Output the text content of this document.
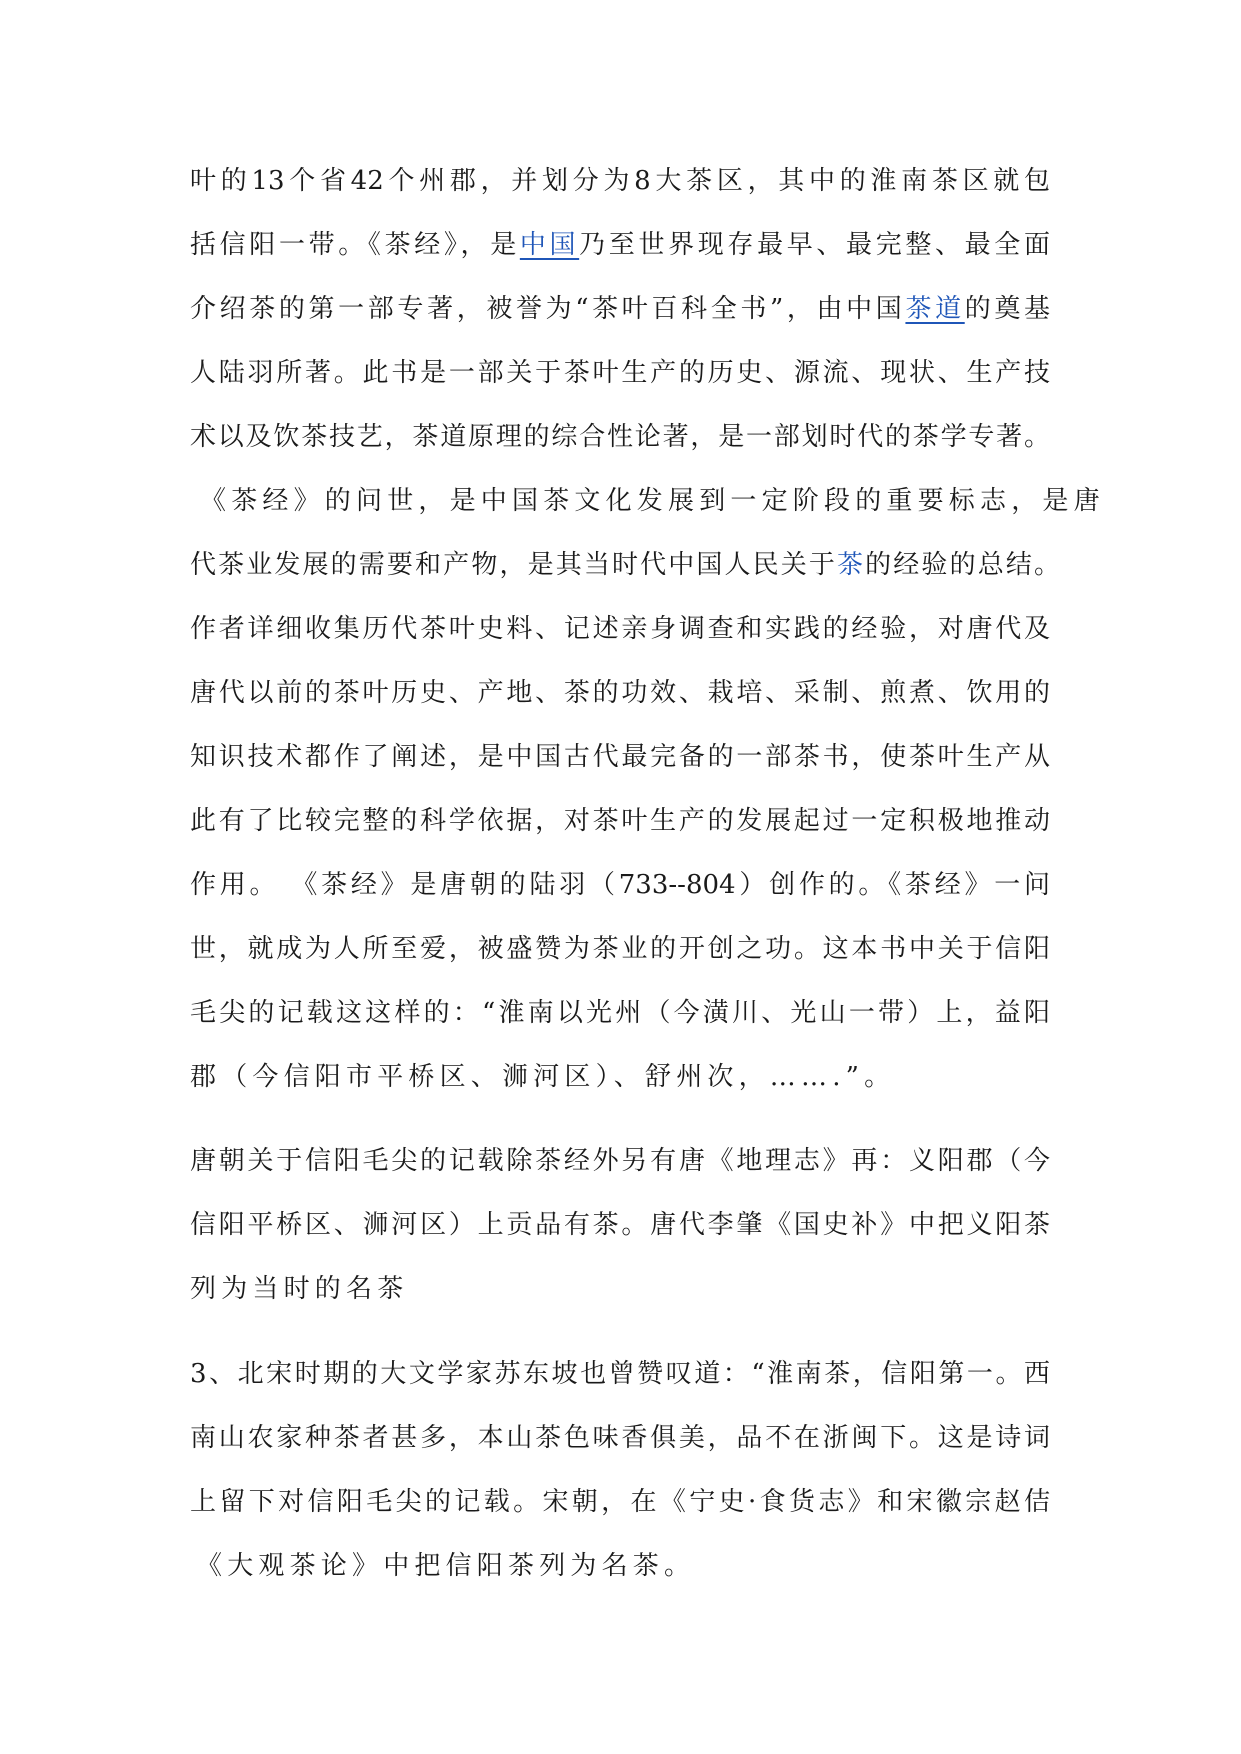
叶的13个省42个州郡，并划分为8大茶区，其中的淮南茶区就包
括信阳一带。《茶经》，是中国乃至世界现存最早、最完整、最全面
介绍茶的第一部专著，被誉为“茶叶百科全书”，由中国茶道的奠基
人陆羽所著。此书是一部关于茶叶生产的历史、源流、现状、生产技
术以及饮茶技艺，茶道原理的综合性论著，是一部划时代的茶学专著。
《茶经》的问世，是中国茶文化发展到一定阶段的重要标志，是唐
代茶业发展的需要和产物，是其当时代中国人民关于茶的经验的总结。
作者详细收集历代茶叶史料、记述亲身调查和实践的经验，对唐代及
唐代以前的茶叶历史、产地、茶的功效、栽培、采制、煎煮、饮用的
知识技术都作了阐述，是中国古代最完备的一部茶书，使茶叶生产从
此有了比较完整的科学依据，对茶叶生产的发展起过一定积极地推动
作用。 《茶经》是唐朝的陆羽（733--804）创作的。《茶经》一问
世，就成为人所至爱，被盛赞为茶业的开创之功。这本书中关于信阳
毛尖的记载这这样的：“淮南以光州（今潢川、光山一带）上，益阳
郡（今信阳市平桥区、浉河区）、舒州次，…….”。
唐朝关于信阳毛尖的记载除茶经外另有唐《地理志》再：义阳郡（今
信阳平桥区、浉河区）上贡品有茶。唐代李肇《国史补》中把义阳茶
列为当时的名茶
3、北宋时期的大文学家苏东坡也曾赞叹道：“淮南茶，信阳第一。西
南山农家种茶者甚多，本山茶色味香俱美，品不在浙闽下。这是诗词
上留下对信阳毛尖的记载。宋朝，在《宁史·食货志》和宋徽宗赵佶
《大观茶论》中把信阳茶列为名茶。
